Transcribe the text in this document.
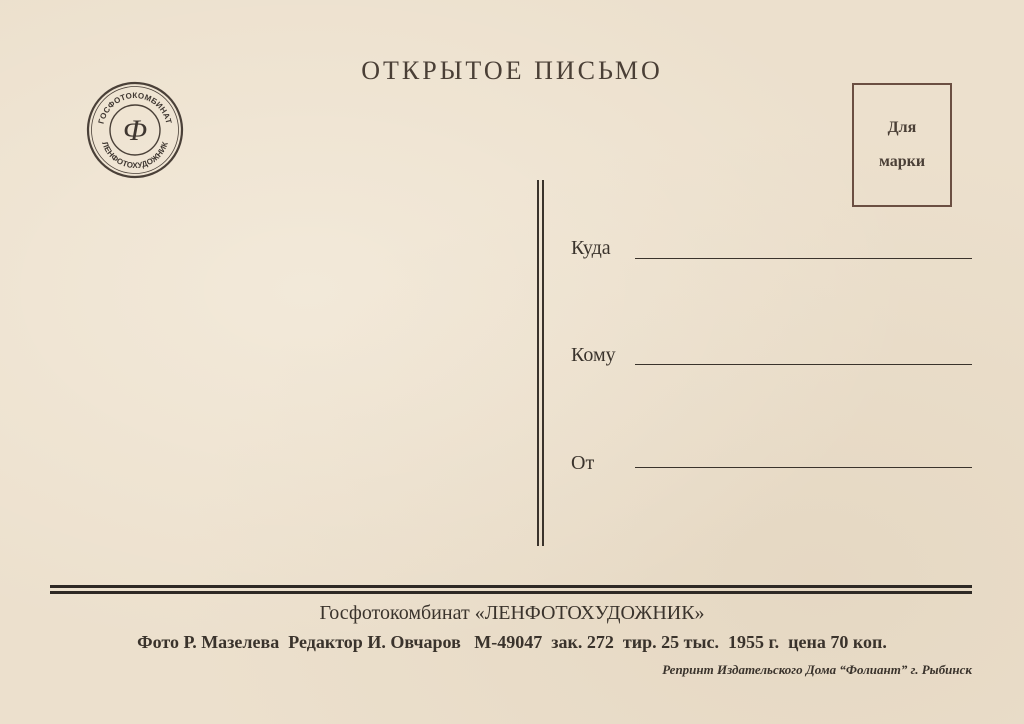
ОТКРЫТОЕ ПИСЬМО
ГОСФОТОКОМБИНАТ
ЛЕНФОТОХУДОЖНИК
Ф	Для
марки
Куда
Кому
От
Госфотокомбинат «ЛЕНФОТОХУДОЖНИК»
Фото Р. Мазелева  Редактор И. Овчаров   М-49047  зак. 272  тир. 25 тыс.  1955 г.  цена 70 коп.
Репринт Издательского Дома “Фолиант” г. Рыбинск
